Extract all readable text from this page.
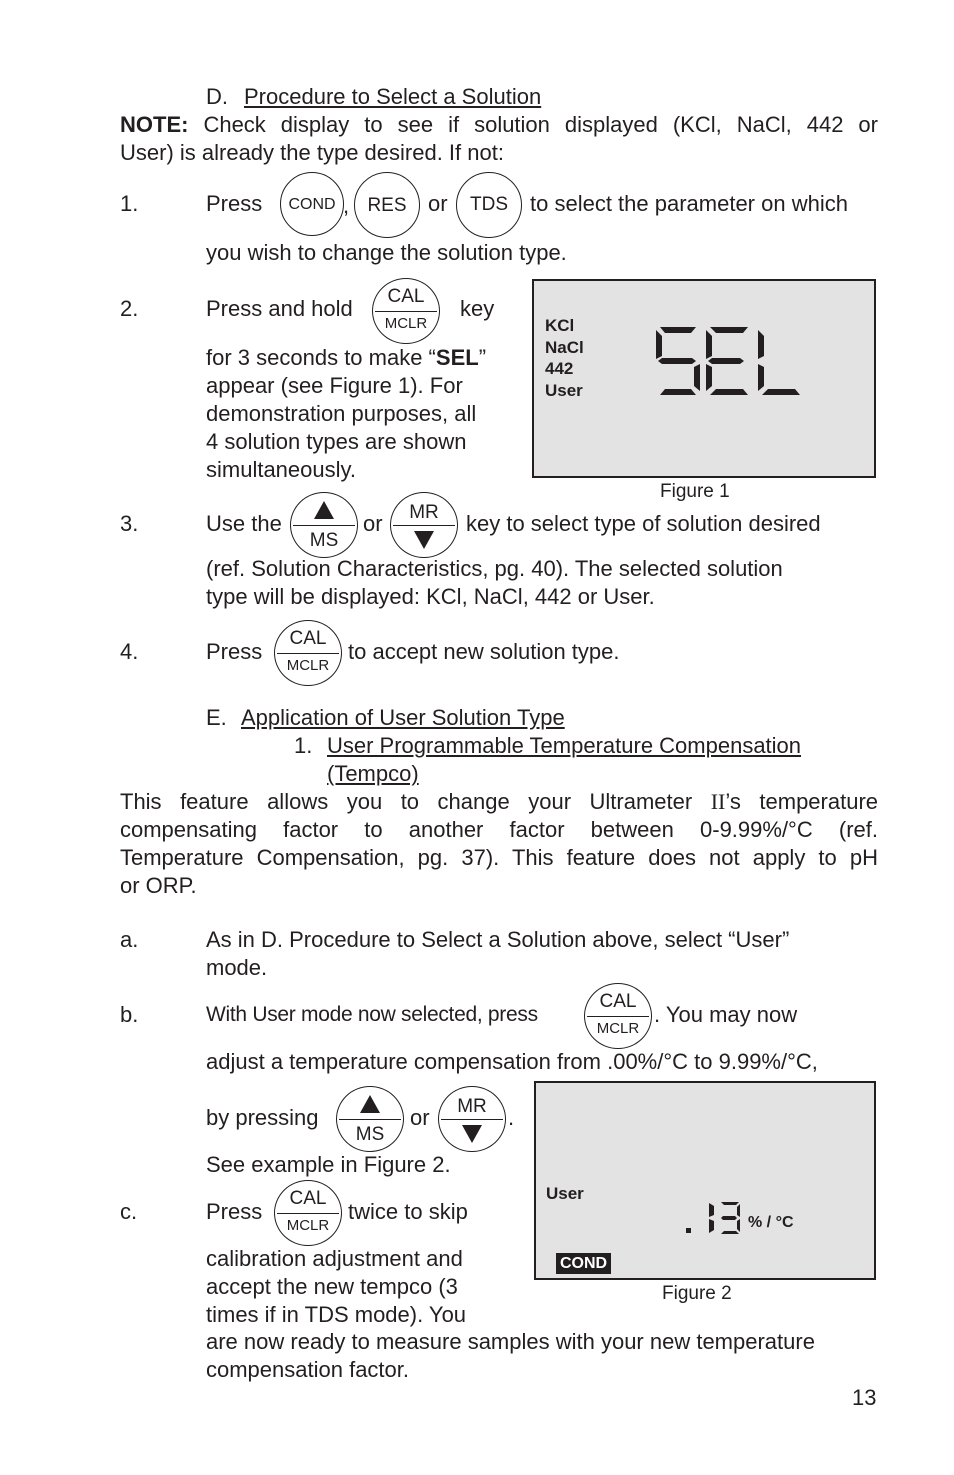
D. Procedure to Select a Solution
NOTE: Check display to see if solution displayed (KCl, NaCl, 442 or
User) is already the type desired. If not:
1.	Press	COND , RES or	TDS	to select the parameter on which
you wish to change the solution type.
2.	Press and hold	CAL
MCLR
key
for 3 seconds to make “SEL”
appear (see Figure 1). For
demonstration purposes, all
4 solution types are shown
simultaneously.
KCl
NaCl
442
User
Figure 1
3.	Use the
MS
or	MR	key to select type of solution desired
(ref. Solution Characteristics, pg. 40). The selected solution
type will be displayed: KCl, NaCl, 442 or User.
4.	Press
CAL
MCLR
to accept new solution type.
E. Application of User Solution Type
1. User Programmable Temperature Compensation
(Tempco)
This feature allows you to change your Ultrameter II’s temperature
compensating factor to another factor between 0-9.99%/°C (ref.
Temperature Compensation, pg. 37). This feature does not apply to pH
or ORP.
a.	As in D. Procedure to Select a Solution above, select “User”
mode.
b.	With User mode now selected, press
CAL
MCLR
. You may now
adjust a temperature compensation from .00%/°C to 9.99%/°C,
by pressing
MS
or	MR .
See example in Figure 2.
c.	Press
CAL
MCLR
twice to skip
calibration adjustment and
accept the new tempco (3
times if in TDS mode). You
are now ready to measure samples with your new temperature
compensation factor.
User
% / °C
COND
Figure 2
13
